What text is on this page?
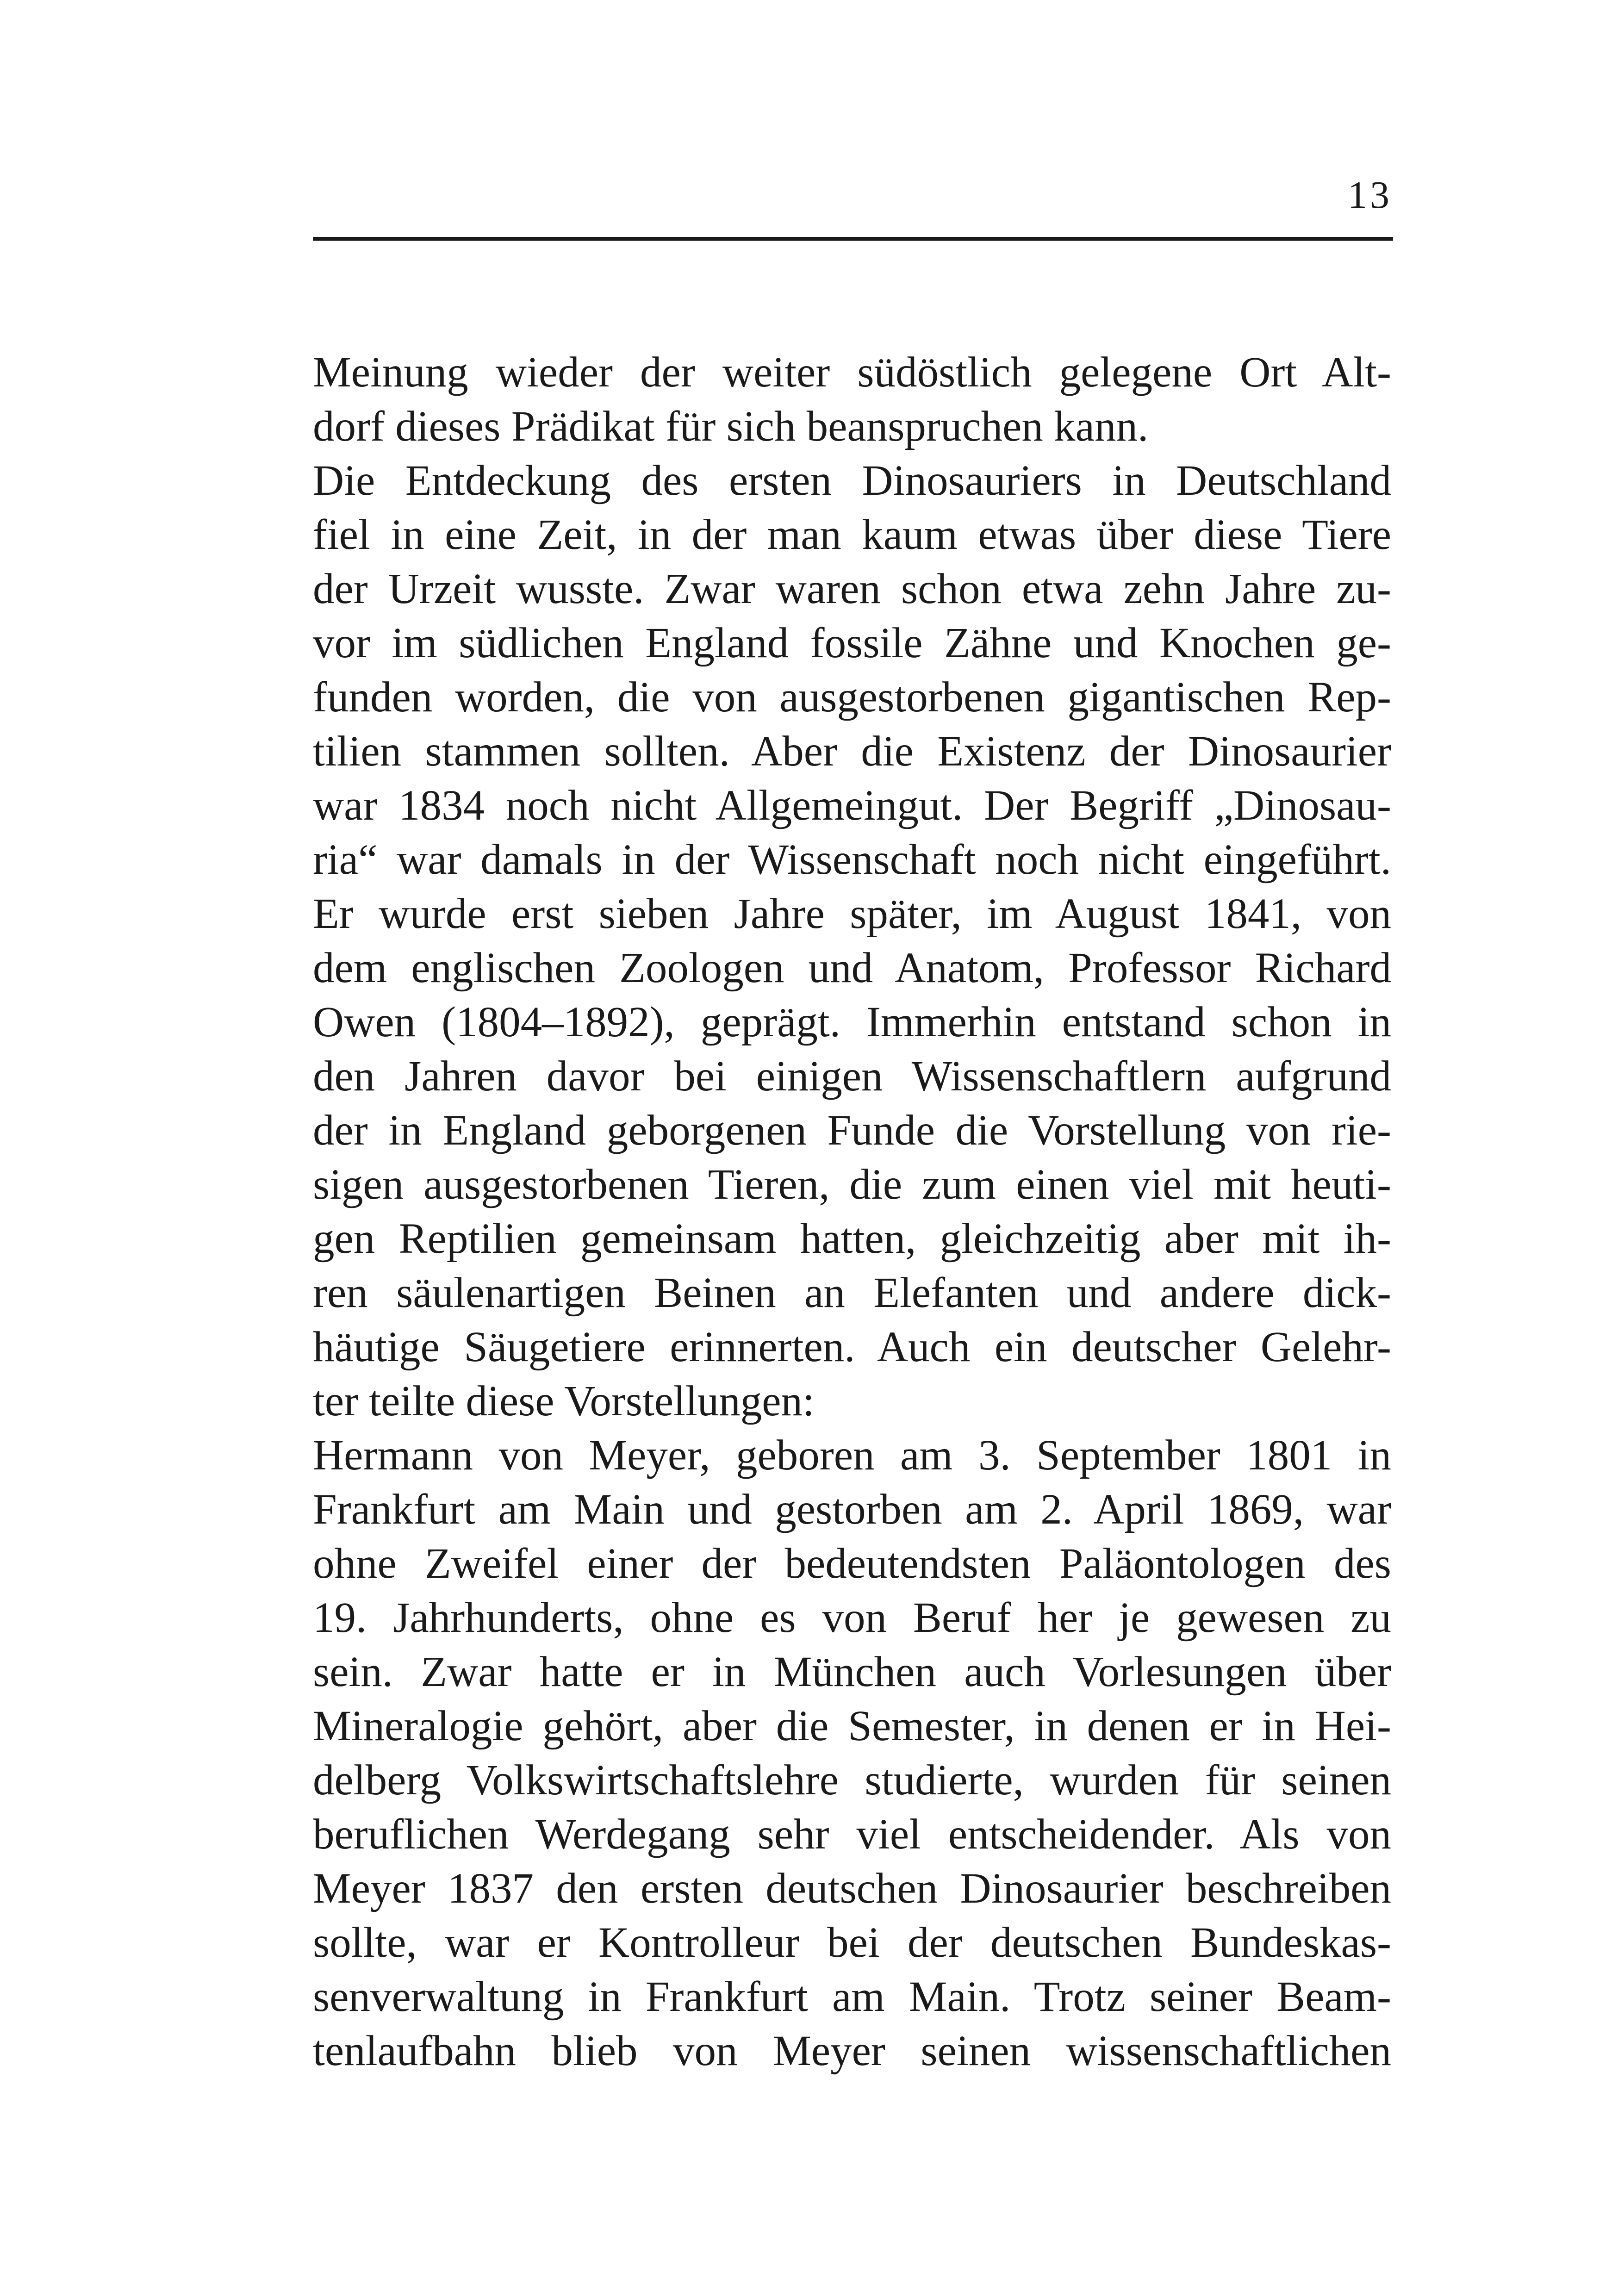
13
Meinung wieder der weiter südöstlich gelegene Ort Alt-
dorf dieses Prädikat für sich beanspruchen kann.
Die Entdeckung des ersten Dinosauriers in Deutschland
fiel in eine Zeit, in der man kaum etwas über diese Tiere
der Urzeit wusste. Zwar waren schon etwa zehn Jahre zu-
vor im südlichen England fossile Zähne und Knochen ge-
funden worden, die von ausgestorbenen gigantischen Rep-
tilien stammen sollten. Aber die Existenz der Dinosaurier
war 1834 noch nicht Allgemeingut. Der Begriff „Dinosau-
ria“ war damals in der Wissenschaft noch nicht eingeführt.
Er wurde erst sieben Jahre später, im August 1841, von
dem englischen Zoologen und Anatom, Professor Richard
Owen (1804–1892), geprägt. Immerhin entstand schon in
den Jahren davor bei einigen Wissenschaftlern aufgrund
der in England geborgenen Funde die Vorstellung von rie-
sigen ausgestorbenen Tieren, die zum einen viel mit heuti-
gen Reptilien gemeinsam hatten, gleichzeitig aber mit ih-
ren säulenartigen Beinen an Elefanten und andere dick-
häutige Säugetiere erinnerten. Auch ein deutscher Gelehr-
ter teilte diese Vorstellungen:
Hermann von Meyer, geboren am 3. September 1801 in
Frankfurt am Main und gestorben am 2. April 1869, war
ohne Zweifel einer der bedeutendsten Paläontologen des
19. Jahrhunderts, ohne es von Beruf her je gewesen zu
sein. Zwar hatte er in München auch Vorlesungen über
Mineralogie gehört, aber die Semester, in denen er in Hei-
delberg Volkswirtschaftslehre studierte, wurden für seinen
beruflichen Werdegang sehr viel entscheidender. Als von
Meyer 1837 den ersten deutschen Dinosaurier beschreiben
sollte, war er Kontrolleur bei der deutschen Bundeskas-
senverwaltung in Frankfurt am Main. Trotz seiner Beam-
tenlaufbahn blieb von Meyer seinen wissenschaftlichen
